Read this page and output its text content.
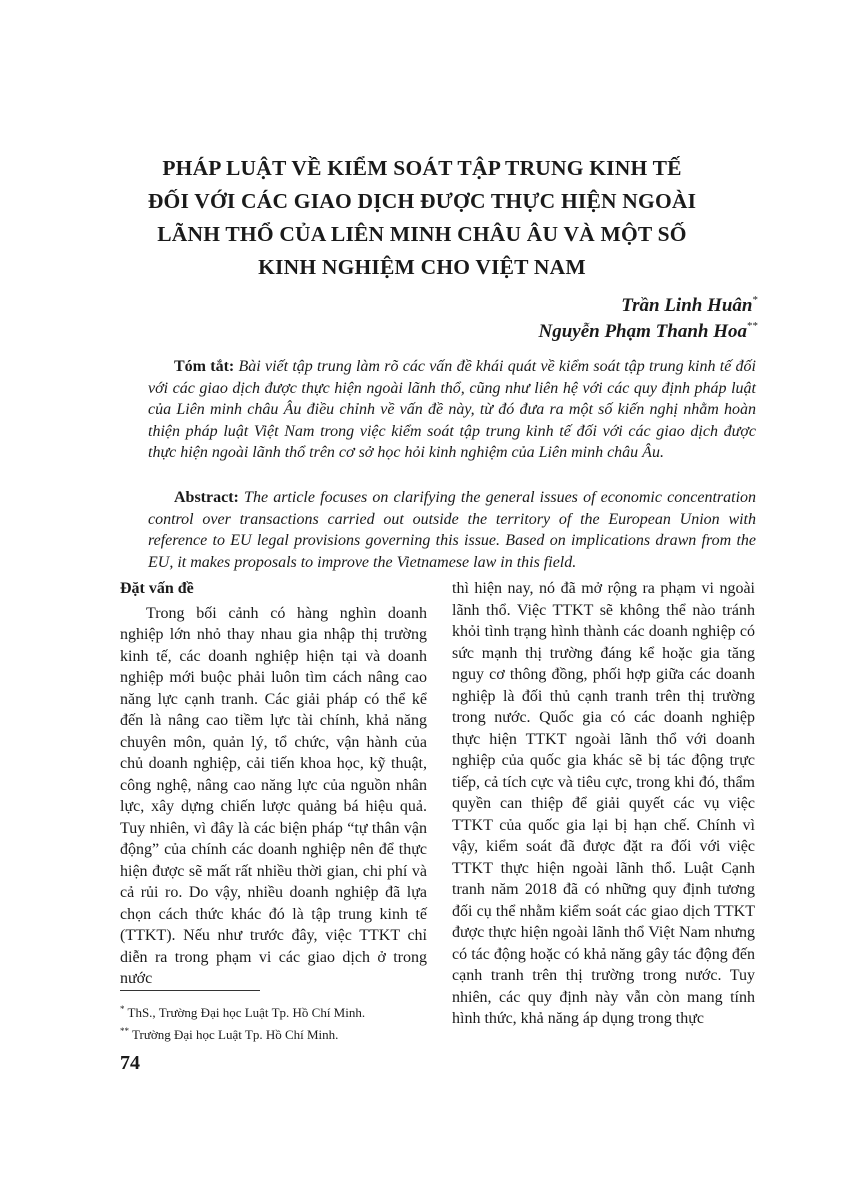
PHÁP LUẬT VỀ KIỂM SOÁT TẬP TRUNG KINH TẾ
ĐỐI VỚI CÁC GIAO DỊCH ĐƯỢC THỰC HIỆN NGOÀI
LÃNH THỔ CỦA LIÊN MINH CHÂU ÂU VÀ MỘT SỐ
KINH NGHIỆM CHO VIỆT NAM
Trần Linh Huân*
Nguyễn Phạm Thanh Hoa**

Tóm tắt: Bài viết tập trung làm rõ các vấn đề khái quát về kiểm soát tập trung kinh tế đối với các giao dịch được thực hiện ngoài lãnh thổ, cũng như liên hệ với các quy định pháp luật của Liên minh châu Âu điều chỉnh về vấn đề này, từ đó đưa ra một số kiến nghị nhằm hoàn thiện pháp luật Việt Nam trong việc kiểm soát tập trung kinh tế đối với các giao dịch được thực hiện ngoài lãnh thổ trên cơ sở học hỏi kinh nghiệm của Liên minh châu Âu.

Abstract: The article focuses on clarifying the general issues of economic concentration control over transactions carried out outside the territory of the European Union with reference to EU legal provisions governing this issue. Based on implications drawn from the EU, it makes proposals to improve the Vietnamese law in this field.

Đặt vấn đề

Trong bối cảnh có hàng nghìn doanh nghiệp lớn nhỏ thay nhau gia nhập thị trường kinh tế, các doanh nghiệp hiện tại và doanh nghiệp mới buộc phải luôn tìm cách nâng cao năng lực cạnh tranh. Các giải pháp có thể kể đến là nâng cao tiềm lực tài chính, khả năng chuyên môn, quản lý, tổ chức, vận hành của chủ doanh nghiệp, cải tiến khoa học, kỹ thuật, công nghệ, nâng cao năng lực của nguồn nhân lực, xây dựng chiến lược quảng bá hiệu quả. Tuy nhiên, vì đây là các biện pháp “tự thân vận động” của chính các doanh nghiệp nên để thực hiện được sẽ mất rất nhiều thời gian, chi phí và cả rủi ro. Do vậy, nhiều doanh nghiệp đã lựa chọn cách thức khác đó là tập trung kinh tế (TTKT). Nếu như trước đây, việc TTKT chỉ diễn ra trong phạm vi các giao dịch ở trong nước

thì hiện nay, nó đã mở rộng ra phạm vi ngoài lãnh thổ. Việc TTKT sẽ không thể nào tránh khỏi tình trạng hình thành các doanh nghiệp có sức mạnh thị trường đáng kể hoặc gia tăng nguy cơ thông đồng, phối hợp giữa các doanh nghiệp là đối thủ cạnh tranh trên thị trường trong nước. Quốc gia có các doanh nghiệp thực hiện TTKT ngoài lãnh thổ với doanh nghiệp của quốc gia khác sẽ bị tác động trực tiếp, cả tích cực và tiêu cực, trong khi đó, thẩm quyền can thiệp để giải quyết các vụ việc TTKT của quốc gia lại bị hạn chế. Chính vì vậy, kiểm soát đã được đặt ra đối với việc TTKT thực hiện ngoài lãnh thổ. Luật Cạnh tranh năm 2018 đã có những quy định tương đối cụ thể nhằm kiểm soát các giao dịch TTKT được thực hiện ngoài lãnh thổ Việt Nam nhưng có tác động hoặc có khả năng gây tác động đến cạnh tranh trên thị trường trong nước. Tuy nhiên, các quy định này vẫn còn mang tính hình thức, khả năng áp dụng trong thực

* ThS., Trường Đại học Luật Tp. Hồ Chí Minh.
** Trường Đại học Luật Tp. Hồ Chí Minh.
74
